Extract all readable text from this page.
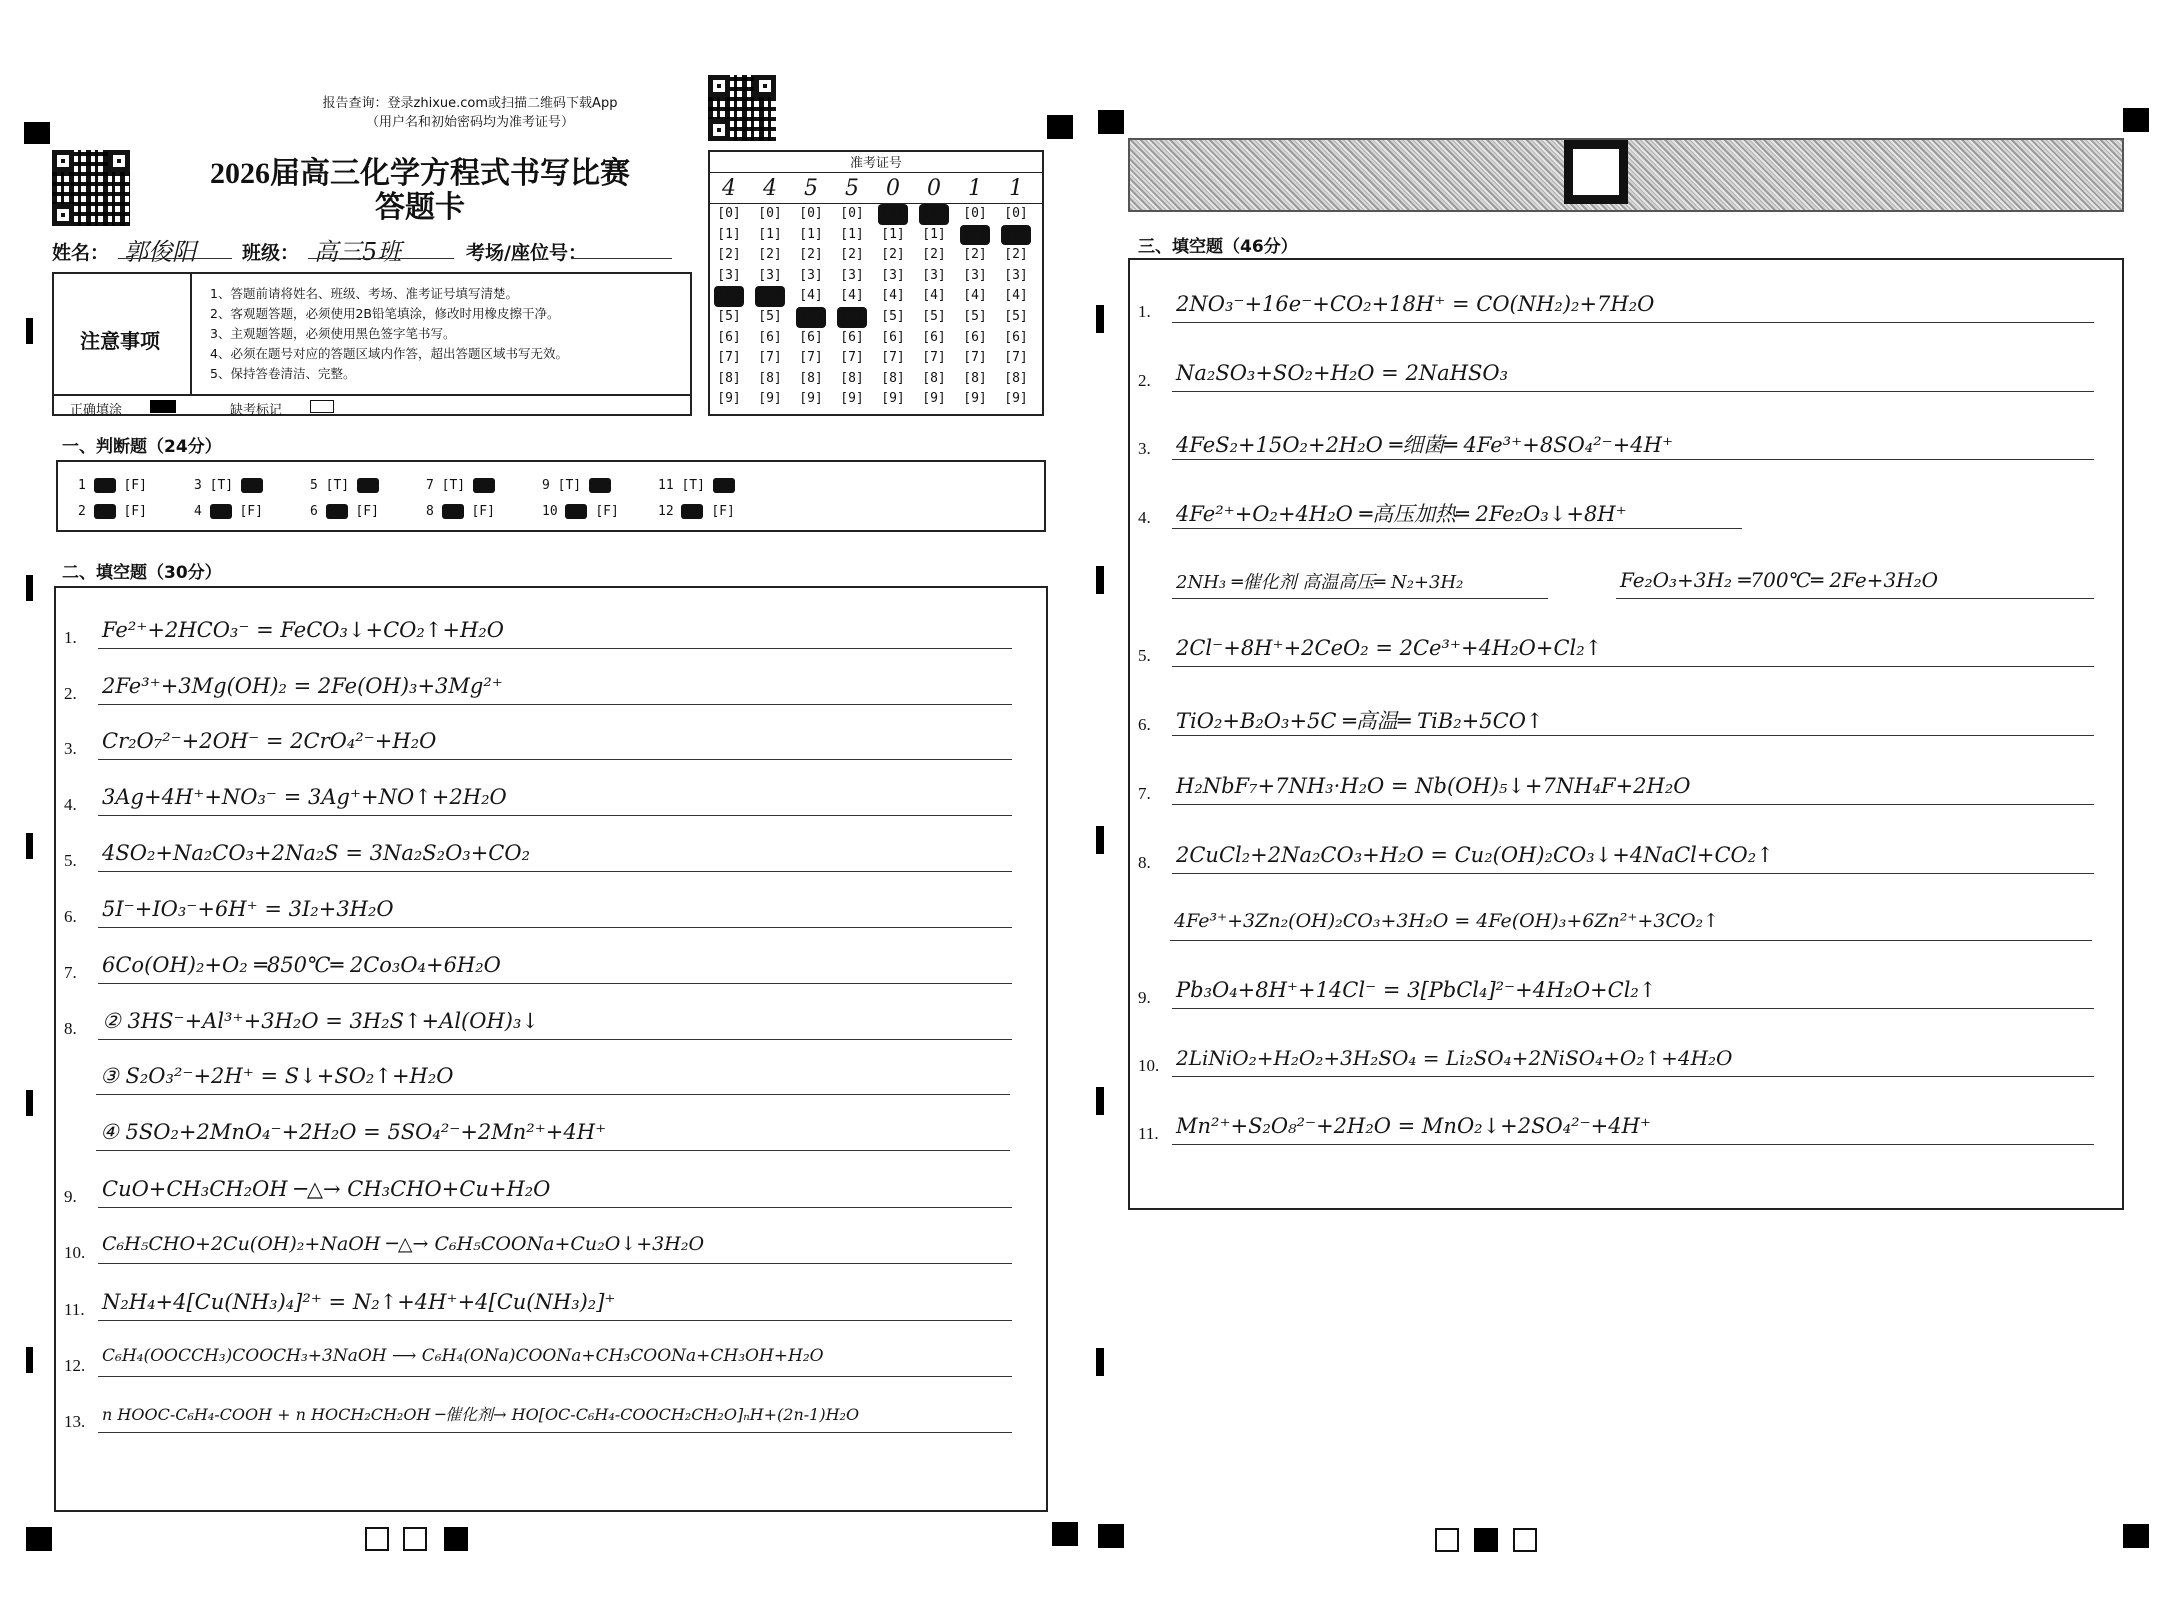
报告查询：登录zhixue.com或扫描二维码下载App
（用户名和初始密码均为准考证号）
2026届高三化学方程式书写比赛
答题卡
姓名： 郭俊阳 班级： 高三5班	考场/座位号：
注意事项
1、答题前请将姓名、班级、考场、准考证号填写清楚。
2、客观题答题，必须使用2B铅笔填涂，修改时用橡皮擦干净。
3、主观题答题，必须使用黑色签字笔书写。
4、必须在题号对应的答题区域内作答，超出答题区域书写无效。
5、保持答卷清洁、完整。
正确填涂	缺考标记
准考证号
4
[0]
[1]
[2]
[3]
[4]
[5]
[6]
[7]
[8]
[9]
4
[0]
[1]
[2]
[3]
[4]
[5]
[6]
[7]
[8]
[9]
5
[0]
[1]
[2]
[3]
[4]
[5]
[6]
[7]
[8]
[9]
5
[0]
[1]
[2]
[3]
[4]
[5]
[6]
[7]
[8]
[9]
0
[0]
[1]
[2]
[3]
[4]
[5]
[6]
[7]
[8]
[9]
0
[0]
[1]
[2]
[3]
[4]
[5]
[6]
[7]
[8]
[9]
1
[0]
[1]
[2]
[3]
[4]
[5]
[6]
[7]
[8]
[9]
1
[0]
[1]
[2]
[3]
[4]
[5]
[6]
[7]
[8]
[9]
一、判断题（24分）
1  [F]
2  [F]
3 [T]
4  [F]
5 [T]
6  [F]
7 [T]
8  [F]
9 [T]
10  [F]
11 [T]
12  [F]
二、填空题（30分）
1. Fe²⁺+2HCO₃⁻ = FeCO₃↓+CO₂↑+H₂O
2. 2Fe³⁺+3Mg(OH)₂ = 2Fe(OH)₃+3Mg²⁺
3. Cr₂O₇²⁻+2OH⁻ = 2CrO₄²⁻+H₂O
4. 3Ag+4H⁺+NO₃⁻ = 3Ag⁺+NO↑+2H₂O
5. 4SO₂+Na₂CO₃+2Na₂S = 3Na₂S₂O₃+CO₂
6. 5I⁻+IO₃⁻+6H⁺ = 3I₂+3H₂O
7. 6Co(OH)₂+O₂ ═850℃═ 2Co₃O₄+6H₂O
8. ② 3HS⁻+Al³⁺+3H₂O = 3H₂S↑+Al(OH)₃↓
③ S₂O₃²⁻+2H⁺ = S↓+SO₂↑+H₂O
④ 5SO₂+2MnO₄⁻+2H₂O = 5SO₄²⁻+2Mn²⁺+4H⁺
9. CuO+CH₃CH₂OH ─△→ CH₃CHO+Cu+H₂O
10. C₆H₅CHO+2Cu(OH)₂+NaOH ─△→ C₆H₅COONa+Cu₂O↓+3H₂O
11. N₂H₄+4[Cu(NH₃)₄]²⁺ = N₂↑+4H⁺+4[Cu(NH₃)₂]⁺
12. C₆H₄(OOCCH₃)COOCH₃+3NaOH ⟶ C₆H₄(ONa)COONa+CH₃COONa+CH₃OH+H₂O
13. n HOOC-C₆H₄-COOH + n HOCH₂CH₂OH ─催化剂→ HO[OC-C₆H₄-COOCH₂CH₂O]ₙH+(2n-1)H₂O
三、填空题（46分）
1. 2NO₃⁻+16e⁻+CO₂+18H⁺ = CO(NH₂)₂+7H₂O
2. Na₂SO₃+SO₂+H₂O = 2NaHSO₃
3. 4FeS₂+15O₂+2H₂O ═细菌═ 4Fe³⁺+8SO₄²⁻+4H⁺
4. 4Fe²⁺+O₂+4H₂O ═高压加热═ 2Fe₂O₃↓+8H⁺
2NH₃ ═催化剂 高温高压═ N₂+3H₂	Fe₂O₃+3H₂ ═700℃═ 2Fe+3H₂O
5. 2Cl⁻+8H⁺+2CeO₂ = 2Ce³⁺+4H₂O+Cl₂↑
6. TiO₂+B₂O₃+5C ═高温═ TiB₂+5CO↑
7. H₂NbF₇+7NH₃·H₂O = Nb(OH)₅↓+7NH₄F+2H₂O
8. 2CuCl₂+2Na₂CO₃+H₂O = Cu₂(OH)₂CO₃↓+4NaCl+CO₂↑
4Fe³⁺+3Zn₂(OH)₂CO₃+3H₂O = 4Fe(OH)₃+6Zn²⁺+3CO₂↑
9. Pb₃O₄+8H⁺+14Cl⁻ = 3[PbCl₄]²⁻+4H₂O+Cl₂↑
10. 2LiNiO₂+H₂O₂+3H₂SO₄ = Li₂SO₄+2NiSO₄+O₂↑+4H₂O
11. Mn²⁺+S₂O₈²⁻+2H₂O = MnO₂↓+2SO₄²⁻+4H⁺
